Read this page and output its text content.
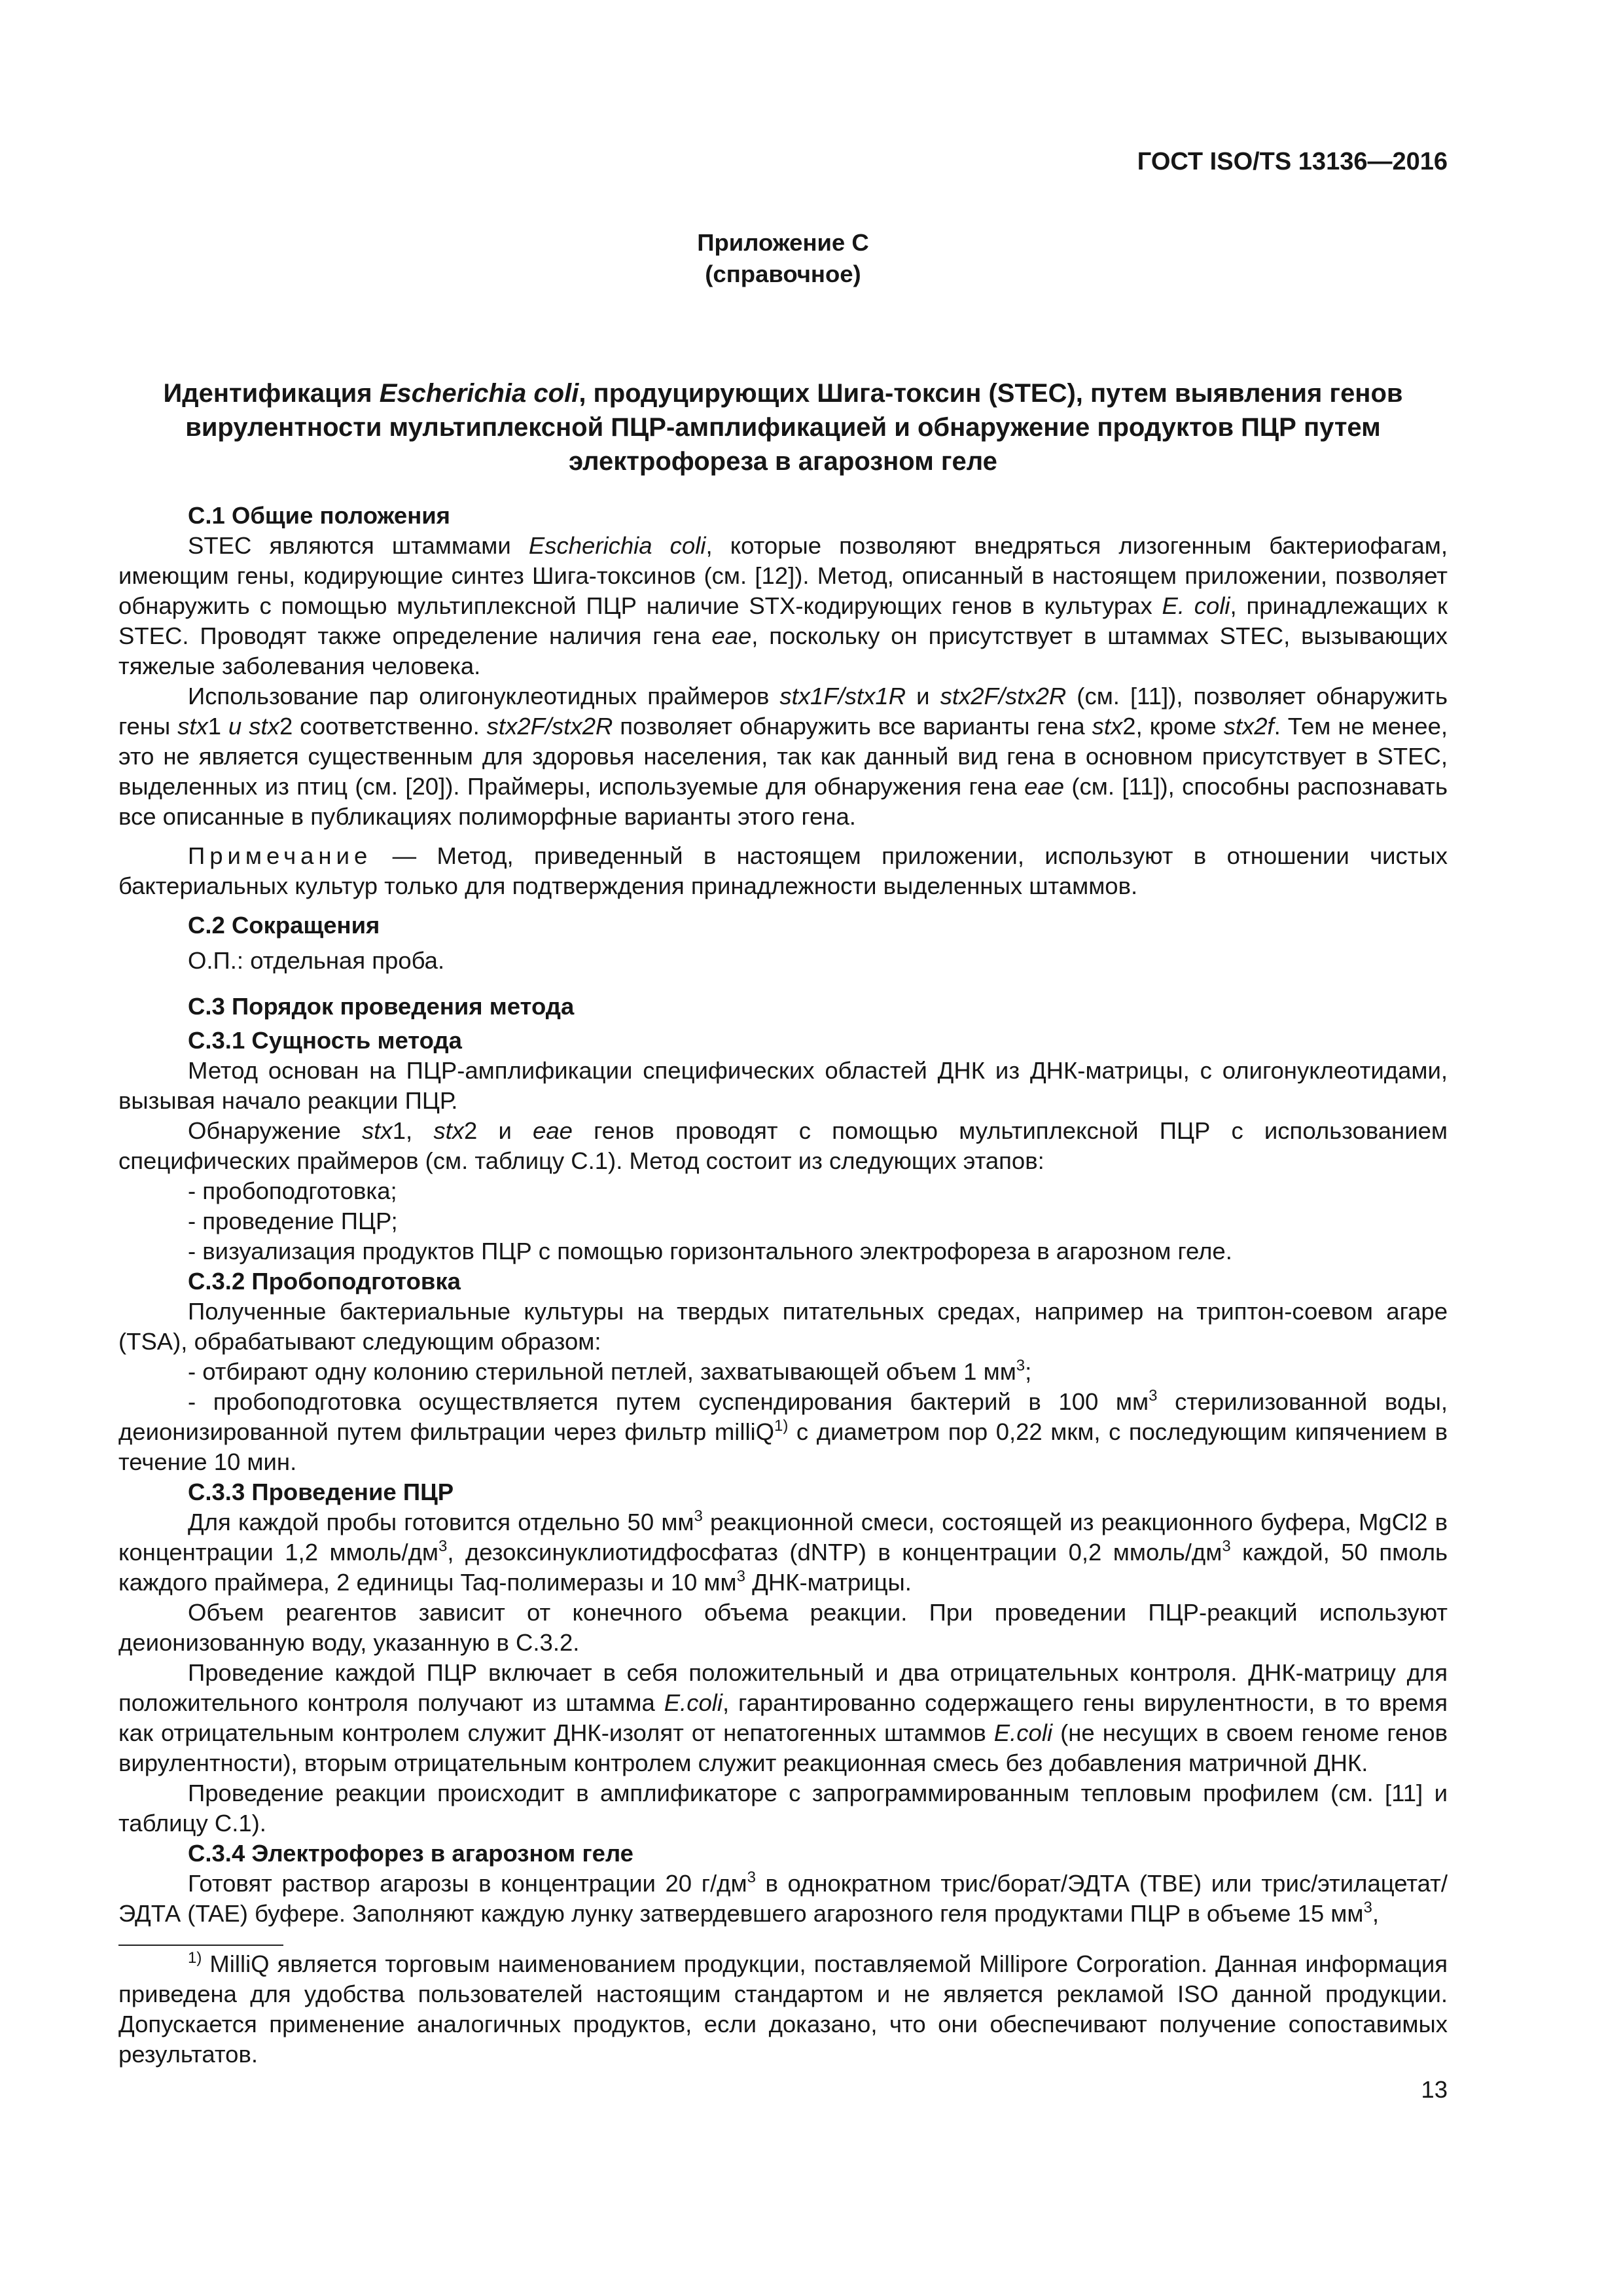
ГОСТ ISO/TS 13136—2016
Приложение С
(справочное)
Идентификация Escherichia coli, продуцирующих Шига-токсин (STEC), путем выявления генов вирулентности мультиплексной ПЦР-амплификацией и обнаружение продуктов ПЦР путем электрофореза в агарозном геле
С.1 Общие положения

STEC являются штаммами Escherichia coli, которые позволяют внедряться лизогенным бактериофагам, имеющим гены, кодирующие синтез Шига-токсинов (см. [12]). Метод, описанный в настоящем приложении, позволяет обнаружить с помощью мультиплексной ПЦР наличие STX-кодирующих генов в культурах E. coli, принадлежащих к STEC. Проводят также определение наличия гена eae, поскольку он присутствует в штаммах STEC, вызывающих тяжелые заболевания человека.

Использование пар олигонуклеотидных праймеров stx1F/stx1R и stx2F/stx2R (см. [11]), позволяет обнаружить гены stx1 и stx2 соответственно. stx2F/stx2R позволяет обнаружить все варианты гена stx2, кроме stx2f. Тем не менее, это не является существенным для здоровья населения, так как данный вид гена в основном присутствует в STEC, выделенных из птиц (см. [20]). Праймеры, используемые для обнаружения гена eae (см. [11]), способны распознавать все описанные в публикациях полиморфные варианты этого гена.

Примечание — Метод, приведенный в настоящем приложении, используют в отношении чистых бактериальных культур только для подтверждения принадлежности выделенных штаммов.

С.2 Сокращения

О.П.: отдельная проба.

С.3 Порядок проведения метода
С.3.1 Сущность метода

Метод основан на ПЦР-амплификации специфических областей ДНК из ДНК-матрицы, с олигонуклеотидами, вызывая начало реакции ПЦР.

Обнаружение stx1, stx2 и eae генов проводят с помощью мультиплексной ПЦР с использованием специфических праймеров (см. таблицу С.1). Метод состоит из следующих этапов:

- пробоподготовка;

- проведение ПЦР;

- визуализация продуктов ПЦР с помощью горизонтального электрофореза в агарозном геле.

С.3.2 Пробоподготовка

Полученные бактериальные культуры на твердых питательных средах, например на триптон-соевом агаре (TSA), обрабатывают следующим образом:

- отбирают одну колонию стерильной петлей, захватывающей объем 1 $мм^3$;

- пробоподготовка осуществляется путем суспендирования бактерий в 100 $мм^3$ стерилизованной воды, деионизированной путем фильтрации через фильтр milliQ$^{1)}$ с диаметром пор 0,22 мкм, с последующим кипячением в течение 10 мин.

С.3.3 Проведение ПЦР

Для каждой пробы готовится отдельно 50 $мм^3$ реакционной смеси, состоящей из реакционного буфера, MgCl2 в концентрации 1,2 ммоль/$дм^3$, дезоксинуклиотидфосфатаз (dNTP) в концентрации 0,2 ммоль/$дм^3$ каждой, 50 пмоль каждого праймера, 2 единицы Taq-полимеразы и 10 $мм^3$ ДНК-матрицы.

Объем реагентов зависит от конечного объема реакции. При проведении ПЦР-реакций используют деионизованную воду, указанную в С.3.2.

Проведение каждой ПЦР включает в себя положительный и два отрицательных контроля. ДНК-матрицу для положительного контроля получают из штамма E.coli, гарантированно содержащего гены вирулентности, в то время как отрицательным контролем служит ДНК-изолят от непатогенных штаммов E.coli (не несущих в своем геноме генов вирулентности), вторым отрицательным контролем служит реакционная смесь без добавления матричной ДНК.

Проведение реакции происходит в амплификаторе с запрограммированным тепловым профилем (см. [11] и таблицу С.1).

С.3.4 Электрофорез в агарозном геле

Готовят раствор агарозы в концентрации 20 $г/дм^3$ в однократном трис/борат/ЭДТА (TBE) или трис/этилацетат/ЭДТА (TAE) буфере. Заполняют каждую лунку затвердевшего агарозного геля продуктами ПЦР в объеме 15 $мм^3$,

$^{1)}$ MilliQ является торговым наименованием продукции, поставляемой Millipore Corporation. Данная информация приведена для удобства пользователей настоящим стандартом и не является рекламой ISO данной продукции. Допускается применение аналогичных продуктов, если доказано, что они обеспечивают получение сопоставимых результатов.

13
